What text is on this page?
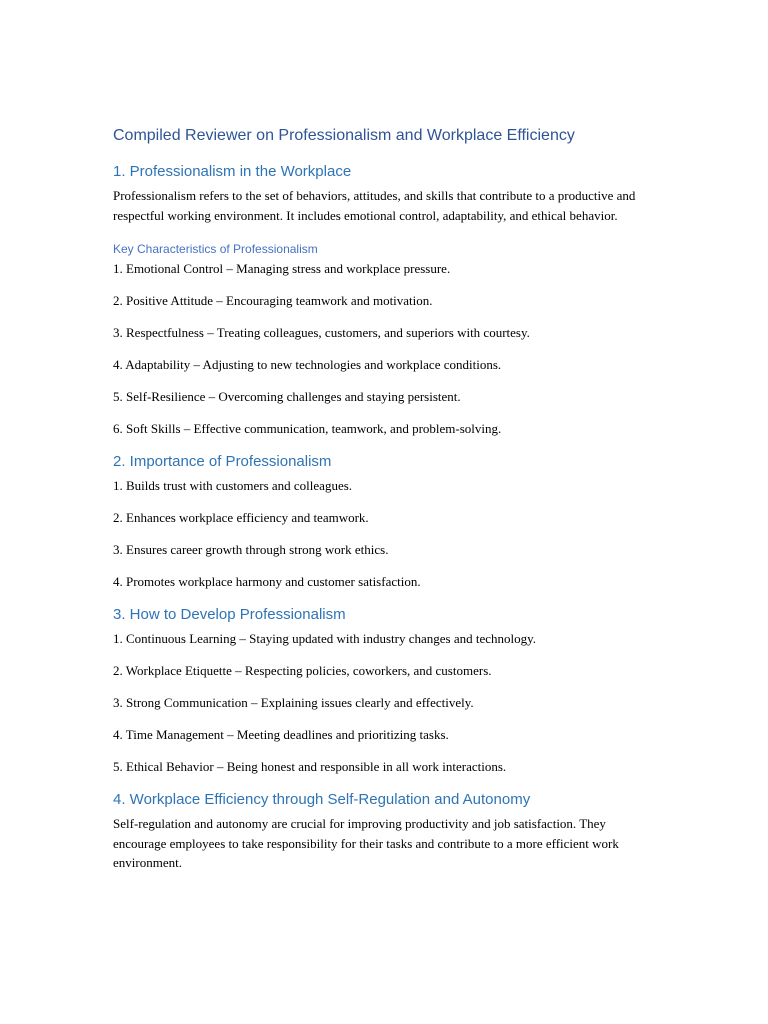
Compiled Reviewer on Professionalism and Workplace Efficiency
1. Professionalism in the Workplace

Professionalism refers to the set of behaviors, attitudes, and skills that contribute to a productive and respectful working environment. It includes emotional control, adaptability, and ethical behavior.

Key Characteristics of Professionalism
1. Emotional Control – Managing stress and workplace pressure.
2. Positive Attitude – Encouraging teamwork and motivation.
3. Respectfulness – Treating colleagues, customers, and superiors with courtesy.
4. Adaptability – Adjusting to new technologies and workplace conditions.
5. Self-Resilience – Overcoming challenges and staying persistent.
6. Soft Skills – Effective communication, teamwork, and problem-solving.
2. Importance of Professionalism
1. Builds trust with customers and colleagues.
2. Enhances workplace efficiency and teamwork.
3. Ensures career growth through strong work ethics.
4. Promotes workplace harmony and customer satisfaction.
3. How to Develop Professionalism
1. Continuous Learning – Staying updated with industry changes and technology.
2. Workplace Etiquette – Respecting policies, coworkers, and customers.
3. Strong Communication – Explaining issues clearly and effectively.
4. Time Management – Meeting deadlines and prioritizing tasks.
5. Ethical Behavior – Being honest and responsible in all work interactions.
4. Workplace Efficiency through Self-Regulation and Autonomy

Self-regulation and autonomy are crucial for improving productivity and job satisfaction. They encourage employees to take responsibility for their tasks and contribute to a more efficient work environment.
